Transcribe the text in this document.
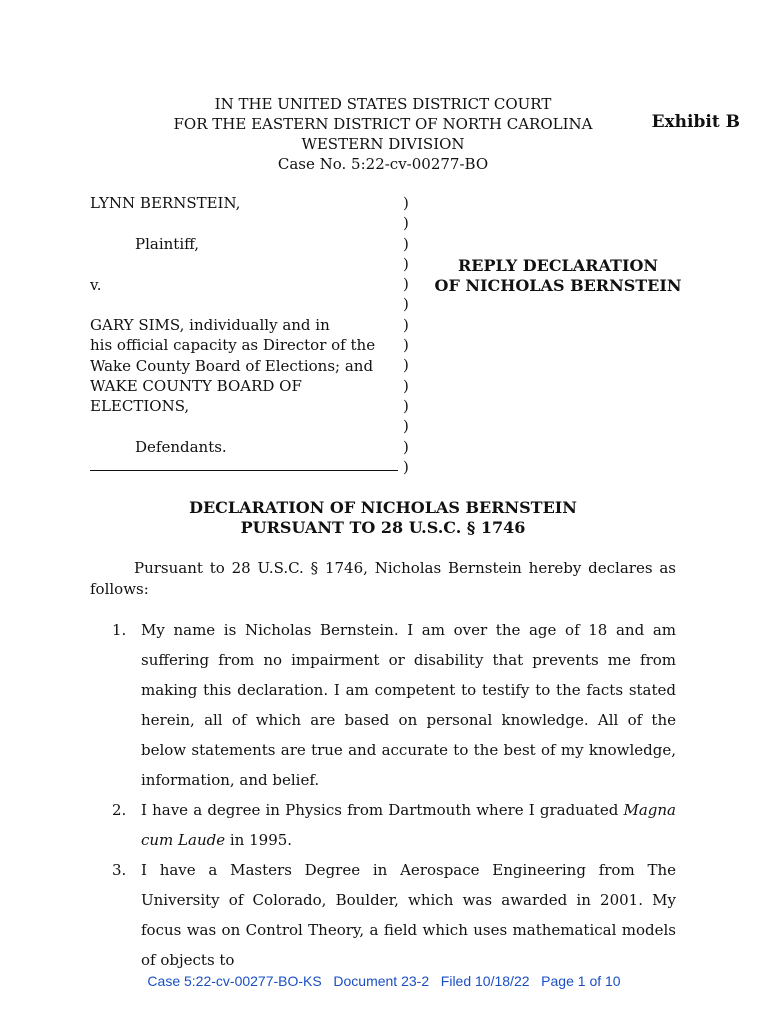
IN THE UNITED STATES DISTRICT COURT
FOR THE EASTERN DISTRICT OF NORTH CAROLINA
WESTERN DIVISION
Case No. 5:22-cv-00277-BO
Exhibit B
LYNN BERNSTEIN,
Plaintiff,
v.
GARY SIMS, individually and in
his official capacity as Director of the
Wake County Board of Elections; and
WAKE COUNTY BOARD OF
ELECTIONS,
Defendants.
)
)
)
)
)
)
)
)
)
)
)
)
)
)
REPLY DECLARATION
OF NICHOLAS BERNSTEIN
DECLARATION OF NICHOLAS BERNSTEIN
PURSUANT TO 28 U.S.C. § 1746
Pursuant to 28 U.S.C. § 1746, Nicholas Bernstein hereby declares as follows:
1. My name is Nicholas Bernstein. I am over the age of 18 and am suffering from no impairment or disability that prevents me from making this declaration. I am competent to testify to the facts stated herein, all of which are based on personal knowledge. All of the below statements are true and accurate to the best of my knowledge, information, and belief.
2. I have a degree in Physics from Dartmouth where I graduated Magna cum Laude in 1995.
3. I have a Masters Degree in Aerospace Engineering from The University of Colorado, Boulder, which was awarded in 2001. My focus was on Control Theory, a field which uses mathematical models of objects to
Case 5:22-cv-00277-BO-KS   Document 23-2   Filed 10/18/22   Page 1 of 10
